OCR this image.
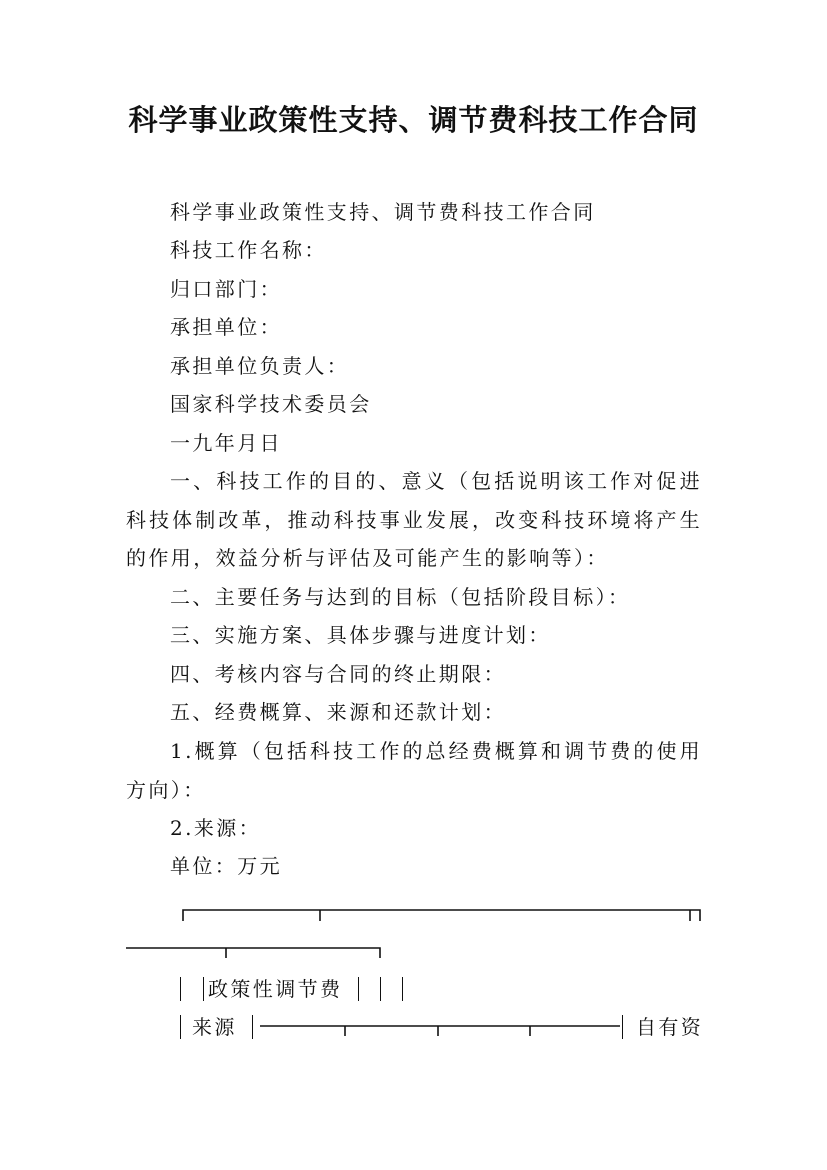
科学事业政策性支持、调节费科技工作合同

科学事业政策性支持、调节费科技工作合同

科技工作名称：

归口部门：

承担单位：

承担单位负责人：

国家科学技术委员会

一九年月日

一、科技工作的目的、意义（包括说明该工作对促进科技体制改革，推动科技事业发展，改变科技环境将产生的作用，效益分析与评估及可能产生的影响等）：

二、主要任务与达到的目标（包括阶段目标）：

三、实施方案、具体步骤与进度计划：

四、考核内容与合同的终止期限：

五、经费概算、来源和还款计划：

1.概算（包括科技工作的总经费概算和调节费的使用方向）：

2.来源：

单位：万元

政策性调节费
来源	自有资
